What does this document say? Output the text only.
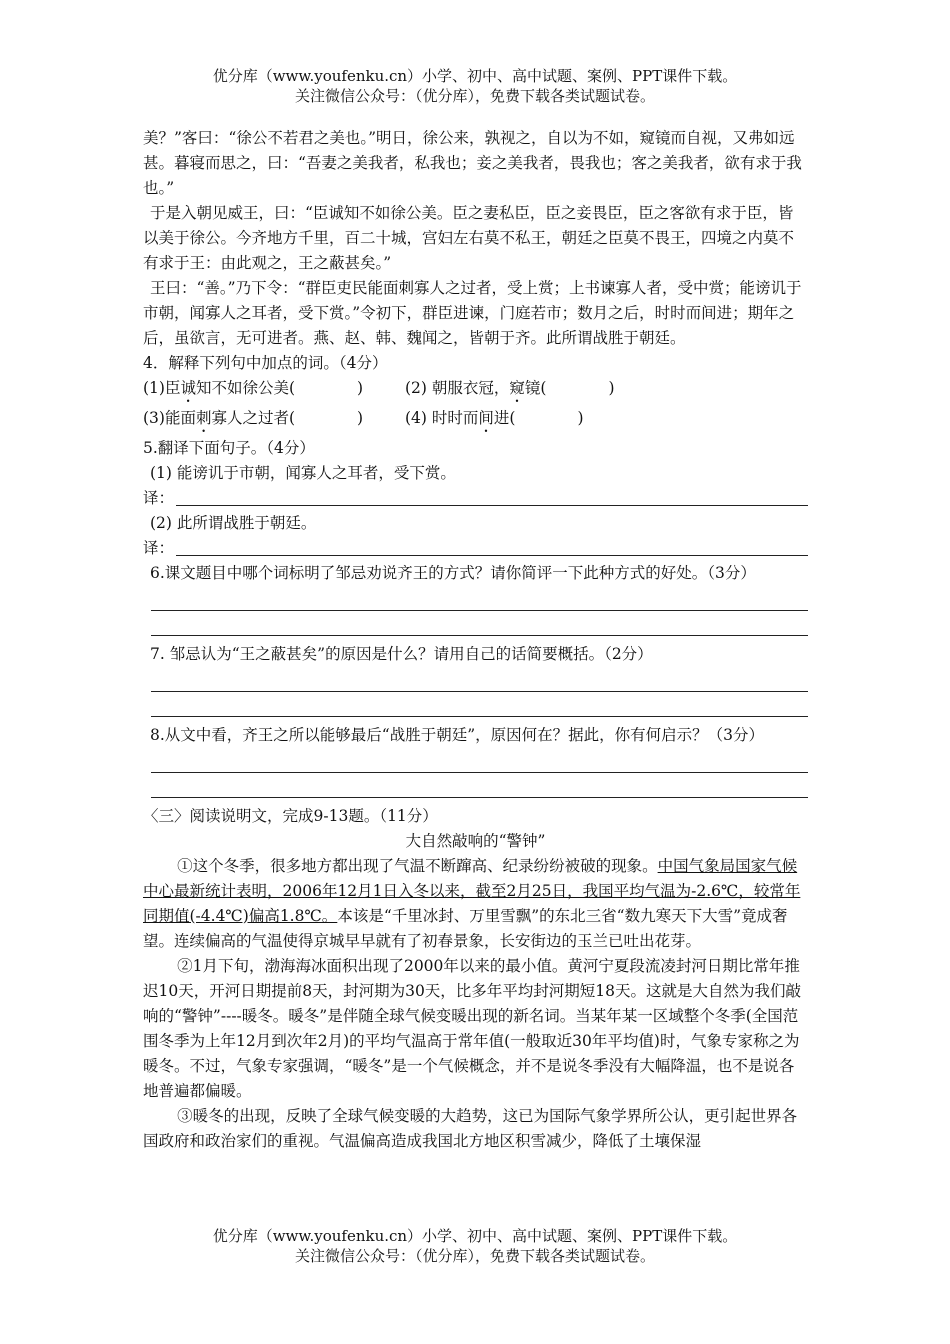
优分库（www.youfenku.cn）小学、初中、高中试题、案例、PPT课件下载。
关注微信公众号：（优分库），免费下载各类试题试卷。

美？”客曰：“徐公不若君之美也。”明日，徐公来，孰视之，自以为不如，窥镜而自视，又弗如远甚。暮寝而思之，曰：“吾妻之美我者，私我也；妾之美我者，畏我也；客之美我者，欲有求于我也。”

于是入朝见威王，曰：“臣诚知不如徐公美。臣之妻私臣，臣之妾畏臣，臣之客欲有求于臣，皆以美于徐公。今齐地方千里，百二十城，宫妇左右莫不私王，朝廷之臣莫不畏王，四境之内莫不有求于王：由此观之，王之蔽甚矣。”

王曰：“善。”乃下令：“群臣吏民能面刺寡人之过者，受上赏；上书谏寡人者，受中赏；能谤讥于市朝，闻寡人之耳者，受下赏。”令初下，群臣进谏，门庭若市；数月之后，时时而间进；期年之后，虽欲言，无可进者。燕、赵、韩、魏闻之，皆朝于齐。此所谓战胜于朝廷。

4．解释下列句中加点的词。（4分）

(1)臣诚知不如徐公美(　　　　)	(2) 朝服衣冠，窥镜(　　　　)
(3)能面刺寡人之过者(　　　　)	(4) 时时而间进(　　　　)

5.翻译下面句子。（4分）

(1) 能谤讥于市朝，闻寡人之耳者，受下赏。

译：

(2) 此所谓战胜于朝廷。

译：

6.课文题目中哪个词标明了邹忌劝说齐王的方式？请你简评一下此种方式的好处。（3分）

7. 邹忌认为“王之蔽甚矣”的原因是什么？请用自己的话简要概括。（2分）

8.从文中看，齐王之所以能够最后“战胜于朝廷”，原因何在？据此，你有何启示？（3分）

〈三〉阅读说明文，完成9-13题。（11分）

大自然敲响的“警钟”

①这个冬季，很多地方都出现了气温不断蹿高、纪录纷纷被破的现象。中国气象局国家气候中心最新统计表明，2006年12月1日入冬以来，截至2月25日，我国平均气温为-2.6℃，较常年同期值(-4.4℃)偏高1.8℃。本该是“千里冰封、万里雪飘”的东北三省“数九寒天下大雪”竟成奢望。连续偏高的气温使得京城早早就有了初春景象，长安街边的玉兰已吐出花芽。

②1月下旬，渤海海冰面积出现了2000年以来的最小值。黄河宁夏段流凌封河日期比常年推迟10天，开河日期提前8天，封河期为30天，比多年平均封河期短18天。这就是大自然为我们敲响的“警钟”----暖冬。暖冬”是伴随全球气候变暖出现的新名词。当某年某一区域整个冬季(全国范围冬季为上年12月到次年2月)的平均气温高于常年值(一般取近30年平均值)时，气象专家称之为暖冬。不过，气象专家强调，“暖冬”是一个气候概念，并不是说冬季没有大幅降温，也不是说各地普遍都偏暖。

③暖冬的出现，反映了全球气候变暖的大趋势，这已为国际气象学界所公认，更引起世界各国政府和政治家们的重视。气温偏高造成我国北方地区积雪减少，降低了土壤保湿

优分库（www.youfenku.cn）小学、初中、高中试题、案例、PPT课件下载。
关注微信公众号：（优分库），免费下载各类试题试卷。
